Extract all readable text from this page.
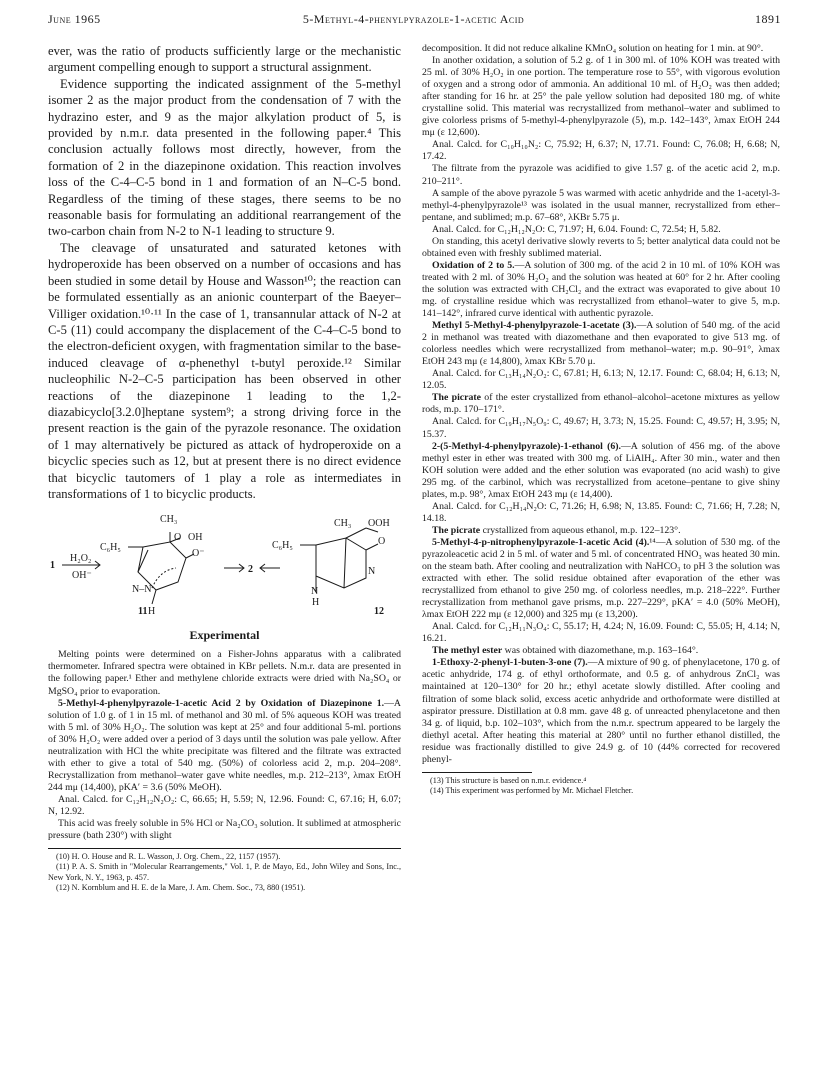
June 1965	5-Methyl-4-phenylpyrazole-1-acetic Acid	1891

ever, was the ratio of products sufficiently large or the mechanistic argument compelling enough to support a structural assignment.

Evidence supporting the indicated assignment of the 5-methyl isomer 2 as the major product from the condensation of 7 with the hydrazino ester, and 9 as the major alkylation product of 5, is provided by n.m.r. data presented in the following paper.⁴ This conclusion actually follows most directly, however, from the formation of 2 in the diazepinone oxidation. This reaction involves loss of the C-4–C-5 bond in 1 and formation of an N–C-5 bond. Regardless of the timing of these stages, there seems to be no reasonable basis for formulating an additional rearrangement of the two-carbon chain from N-2 to N-1 leading to structure 9.

The cleavage of unsaturated and saturated ketones with hydroperoxide has been observed on a number of occasions and has been studied in some detail by House and Wasson¹⁰; the reaction can be formulated essentially as an anionic counterpart of the Baeyer–Villiger oxidation.¹⁰·¹¹ In the case of 1, transannular attack of N-2 at C-5 (11) could accompany the displacement of the C-4–C-5 bond to the electron-deficient oxygen, with fragmentation similar to the base-induced cleavage of α-phenethyl t-butyl peroxide.¹² Similar nucleophilic N-2–C-5 participation has been observed in other reactions of the diazepinone 1 leading to the 1,2-diazabicyclo[3.2.0]heptane system⁹; a strong driving force in the present reaction is the gain of the pyrazole resonance. The oxidation of 1 may alternatively be pictured as attack of hydroperoxide on a bicyclic species such as 12, but at present there is no direct evidence that bicyclic tautomers of 1 play a role as intermediates in transformations of 1 to bicyclic products.

1
H₂O₂
OH⁻
CH₃
O OH
O⁻
C₆H₅
N–N
H
11
2
CH₃ OOH
O
C₆H₅
N
N
H
12
Experimental

Melting points were determined on a Fisher-Johns apparatus with a calibrated thermometer. Infrared spectra were obtained in KBr pellets. N.m.r. data are presented in the following paper.¹ Ether and methylene chloride extracts were dried with Na₂SO₄ or MgSO₄ prior to evaporation.

5-Methyl-4-phenylpyrazole-1-acetic Acid 2 by Oxidation of Diazepinone 1.—A solution of 1.0 g. of 1 in 15 ml. of methanol and 30 ml. of 5% aqueous KOH was treated with 5 ml. of 30% H₂O₂. The solution was kept at 25° and four additional 5-ml. portions of 30% H₂O₂ were added over a period of 3 days until the solution was pale yellow. After neutralization with HCl the white precipitate was filtered and the filtrate was extracted with ether to give a total of 540 mg. (50%) of colorless acid 2, m.p. 204–208°. Recrystallization from methanol–water gave white needles, m.p. 212–213°, λmax EtOH 244 mμ (14,400), pKA′ = 3.6 (50% MeOH).

Anal. Calcd. for C₁₂H₁₂N₂O₂: C, 66.65; H, 5.59; N, 12.96. Found: C, 67.16; H, 6.07; N, 12.92.

This acid was freely soluble in 5% HCl or Na₂CO₃ solution. It sublimed at atmospheric pressure (bath 230°) with slight

(10) H. O. House and R. L. Wasson, J. Org. Chem., 22, 1157 (1957).

(11) P. A. S. Smith in "Molecular Rearrangements," Vol. 1, P. de Mayo, Ed., John Wiley and Sons, Inc., New York, N. Y., 1963, p. 457.

(12) N. Kornblum and H. E. de la Mare, J. Am. Chem. Soc., 73, 880 (1951).

decomposition. It did not reduce alkaline KMnO₄ solution on heating for 1 min. at 90°.

In another oxidation, a solution of 5.2 g. of 1 in 300 ml. of 10% KOH was treated with 25 ml. of 30% H₂O₂ in one portion. The temperature rose to 55°, with vigorous evolution of oxygen and a strong odor of ammonia. An additional 10 ml. of H₂O₂ was then added; after standing for 16 hr. at 25° the pale yellow solution had deposited 180 mg. of white crystalline solid. This material was recrystallized from methanol–water and sublimed to give colorless prisms of 5-methyl-4-phenylpyrazole (5), m.p. 142–143°, λmax EtOH 244 mμ (ε 12,600).

Anal. Calcd. for C₁₀H₁₀N₂: C, 75.92; H, 6.37; N, 17.71. Found: C, 76.08; H, 6.68; N, 17.42.

The filtrate from the pyrazole was acidified to give 1.57 g. of the acetic acid 2, m.p. 210–211°.

A sample of the above pyrazole 5 was warmed with acetic anhydride and the 1-acetyl-3-methyl-4-phenylpyrazole¹³ was isolated in the usual manner, recrystallized from ether–pentane, and sublimed; m.p. 67–68°, λKBr 5.75 μ.

Anal. Calcd. for C₁₂H₁₂N₂O: C, 71.97; H, 6.04. Found: C, 72.54; H, 5.82.

On standing, this acetyl derivative slowly reverts to 5; better analytical data could not be obtained even with freshly sublimed material.

Oxidation of 2 to 5.—A solution of 300 mg. of the acid 2 in 10 ml. of 10% KOH was treated with 2 ml. of 30% H₂O₂ and the solution was heated at 60° for 2 hr. After cooling the solution was extracted with CH₂Cl₂ and the extract was evaporated to give about 10 mg. of crystalline residue which was recrystallized from ethanol–water to give 5, m.p. 141–142°, infrared curve identical with authentic pyrazole.

Methyl 5-Methyl-4-phenylpyrazole-1-acetate (3).—A solution of 540 mg. of the acid 2 in methanol was treated with diazomethane and then evaporated to give 513 mg. of colorless needles which were recrystallized from methanol–water; m.p. 90–91°, λmax EtOH 243 mμ (ε 14,800), λmax KBr 5.70 μ.

Anal. Calcd. for C₁₃H₁₄N₂O₂: C, 67.81; H, 6.13; N, 12.17. Found: C, 68.04; H, 6.13; N, 12.05.

The picrate of the ester crystallized from ethanol–alcohol–acetone mixtures as yellow rods, m.p. 170–171°.

Anal. Calcd. for C₁₉H₁₇N₅O₉: C, 49.67; H, 3.73; N, 15.25. Found: C, 49.57; H, 3.95; N, 15.37.

2-(5-Methyl-4-phenylpyrazole)-1-ethanol (6).—A solution of 456 mg. of the above methyl ester in ether was treated with 300 mg. of LiAlH₄. After 30 min., water and then KOH solution were added and the ether solution was evaporated (no acid wash) to give 295 mg. of the carbinol, which was recrystallized from acetone–pentane to give shiny plates, m.p. 98°, λmax EtOH 243 mμ (ε 14,400).

Anal. Calcd. for C₁₂H₁₄N₂O: C, 71.26; H, 6.98; N, 13.85. Found: C, 71.66; H, 7.28; N, 14.18.

The picrate crystallized from aqueous ethanol, m.p. 122–123°.

5-Methyl-4-p-nitrophenylpyrazole-1-acetic Acid (4).¹⁴—A solution of 530 mg. of the pyrazoleacetic acid 2 in 5 ml. of water and 5 ml. of concentrated HNO₃ was heated 30 min. on the steam bath. After cooling and neutralization with NaHCO₃ to pH 3 the solution was extracted with ether. The solid residue obtained after evaporation of the ether was recrystallized from ethanol to give 250 mg. of colorless needles, m.p. 218–222°. Further recrystallization from methanol gave prisms, m.p. 227–229°, pKA′ = 4.0 (50% MeOH), λmax EtOH 222 mμ (ε 12,000) and 325 mμ (ε 13,200).

Anal. Calcd. for C₁₂H₁₁N₃O₄: C, 55.17; H, 4.24; N, 16.09. Found: C, 55.05; H, 4.14; N, 16.21.

The methyl ester was obtained with diazomethane, m.p. 163–164°.

1-Ethoxy-2-phenyl-1-buten-3-one (7).—A mixture of 90 g. of phenylacetone, 170 g. of acetic anhydride, 174 g. of ethyl orthoformate, and 0.5 g. of anhydrous ZnCl₂ was maintained at 120–130° for 20 hr.; ethyl acetate slowly distilled. After cooling and filtration of some black solid, excess acetic anhydride and orthoformate were distilled at aspirator pressure. Distillation at 0.8 mm. gave 48 g. of unreacted phenylacetone and then 34 g. of liquid, b.p. 102–103°, which from the n.m.r. spectrum appeared to be largely the diethyl acetal. After heating this material at 280° until no further ethanol distilled, the residue was fractionally distilled to give 24.9 g. of 10 (44% corrected for recovered phenyl-

(13) This structure is based on n.m.r. evidence.⁴

(14) This experiment was performed by Mr. Michael Fletcher.
